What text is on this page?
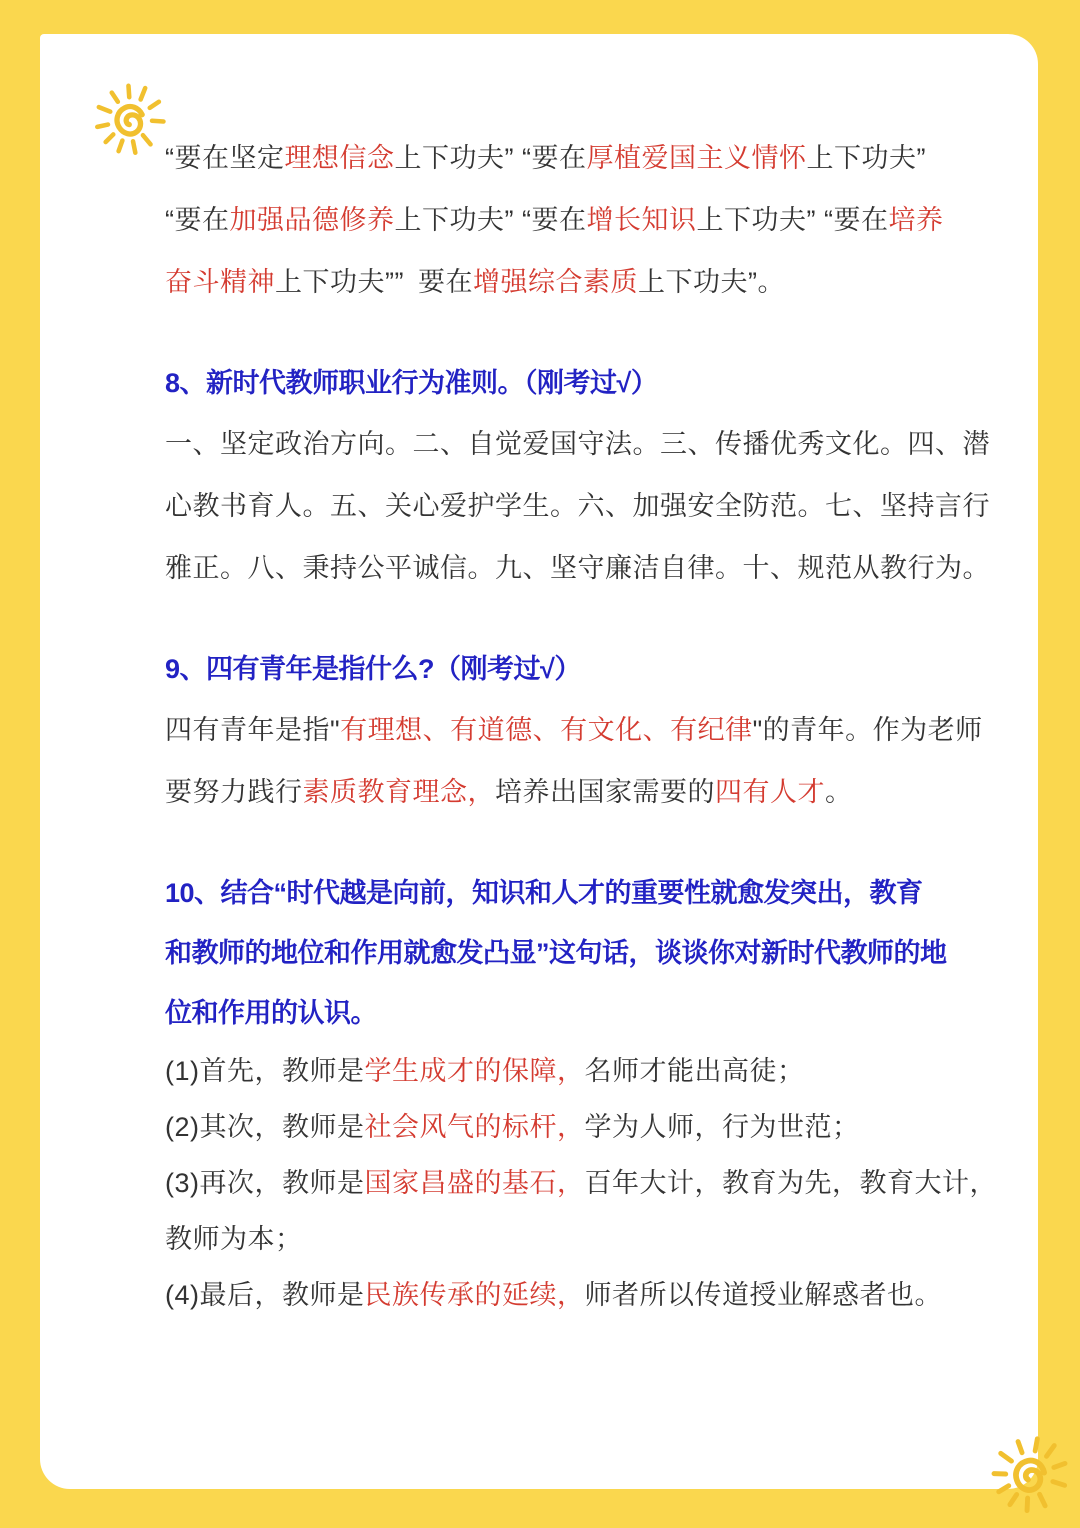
“要在坚定理想信念上下功夫” “要在厚植爱国主义情怀上下功夫”
“要在加强品德修养上下功夫” “要在增长知识上下功夫” “要在培养
奋斗精神上下功夫”” 要在增强综合素质上下功夫”。
8、新时代教师职业行为准则。（刚考过√）
一、坚定政治方向。二、自觉爱国守法。三、传播优秀文化。四、潜
心教书育人。五、关心爱护学生。六、加强安全防范。七、坚持言行
雅正。八、秉持公平诚信。九、坚守廉洁自律。十、规范从教行为。
9、四有青年是指什么?（刚考过√）
四有青年是指"有理想、有道德、有文化、有纪律"的青年。作为老师
要努力践行素质教育理念，培养出国家需要的四有人才。
10、结合“时代越是向前，知识和人才的重要性就愈发突出，教育
和教师的地位和作用就愈发凸显”这句话，谈谈你对新时代教师的地
位和作用的认识。
(1)首先，教师是学生成才的保障，名师才能出高徒；
(2)其次，教师是社会风气的标杆，学为人师，行为世范；
(3)再次，教师是国家昌盛的基石，百年大计，教育为先，教育大计，
教师为本；
(4)最后，教师是民族传承的延续，师者所以传道授业解惑者也。
